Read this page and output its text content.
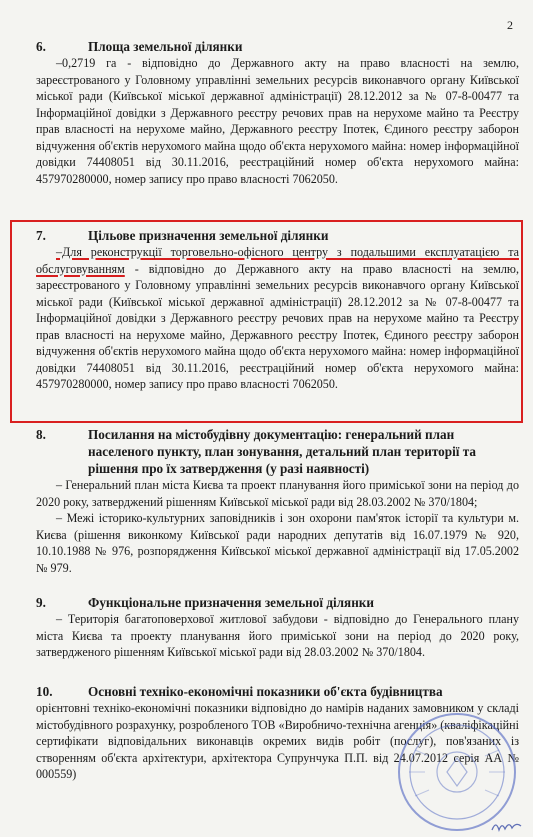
2
6.	Площа земельної ділянки

–0,2719 га - відповідно до Державного акту на право власності на землю, зареєстрованого у Головному управлінні земельних ресурсів виконавчого органу Київської міської ради (Київської міської державної адміністрації) 28.12.2012 за № 07-8-00477 та Інформаційної довідки з Державного реєстру речових прав на нерухоме майно та Реєстру прав власності на нерухоме майно, Державного реєстру Іпотек, Єдиного реєстру заборон відчуження об'єктів нерухомого майна щодо об'єкта нерухомого майна: номер інформаційної довідки 74408051 від 30.11.2016, реєстраційний номер об'єкта нерухомого майна: 457970280000, номер запису про право власності 7062050.

7.	Цільове призначення земельної ділянки

–Для реконструкції торговельно-офісного центру з подальшими експлуатацією та обслуговуванням - відповідно до Державного акту на право власності на землю, зареєстрованого у Головному управлінні земельних ресурсів виконавчого органу Київської міської ради (Київської міської державної адміністрації) 28.12.2012 за № 07-8-00477 та Інформаційної довідки з Державного реєстру речових прав на нерухоме майно та Реєстру прав власності на нерухоме майно, Державного реєстру Іпотек, Єдиного реєстру заборон відчуження об'єктів нерухомого майна щодо об'єкта нерухомого майна: номер інформаційної довідки 74408051 від 30.11.2016, реєстраційний номер об'єкта нерухомого майна: 457970280000, номер запису про право власності 7062050.

8.	Посилання на містобудівну документацію: генеральний план населеного пункту, план зонування, детальний план території та рішення про їх затвердження (у разі наявності)

– Генеральний план міста Києва та проект планування його приміської зони на період до 2020 року, затверджений рішенням Київської міської ради від 28.03.2002 № 370/1804;

– Межі історико-культурних заповідників і зон охорони пам'яток історії та культури м. Києва (рішення виконкому Київської ради народних депутатів від 16.07.1979 № 920, 10.10.1988 № 976, розпорядження Київської міської державної адміністрації від 17.05.2002 № 979.

9.	Функціональне призначення земельної ділянки

– Територія багатоповерхової житлової забудови - відповідно до Генерального плану міста Києва та проекту планування його приміської зони на період до 2020 року, затвердженого рішенням Київської міської ради від 28.03.2002 № 370/1804.

10.	Основні техніко-економічні показники об'єкта будівництва

орієнтовні техніко-економічні показники відповідно до намірів наданих замовником у складі містобудівного розрахунку, розробленого ТОВ «Виробничо-технічна агенція» (кваліфікаційні сертифікати відповідальних виконавців окремих видів робіт (послуг), пов'язаних із створенням об'єкта архітектури, архітектора Супрунчука П.П. від 24.07.2012 серія АА № 000559)
